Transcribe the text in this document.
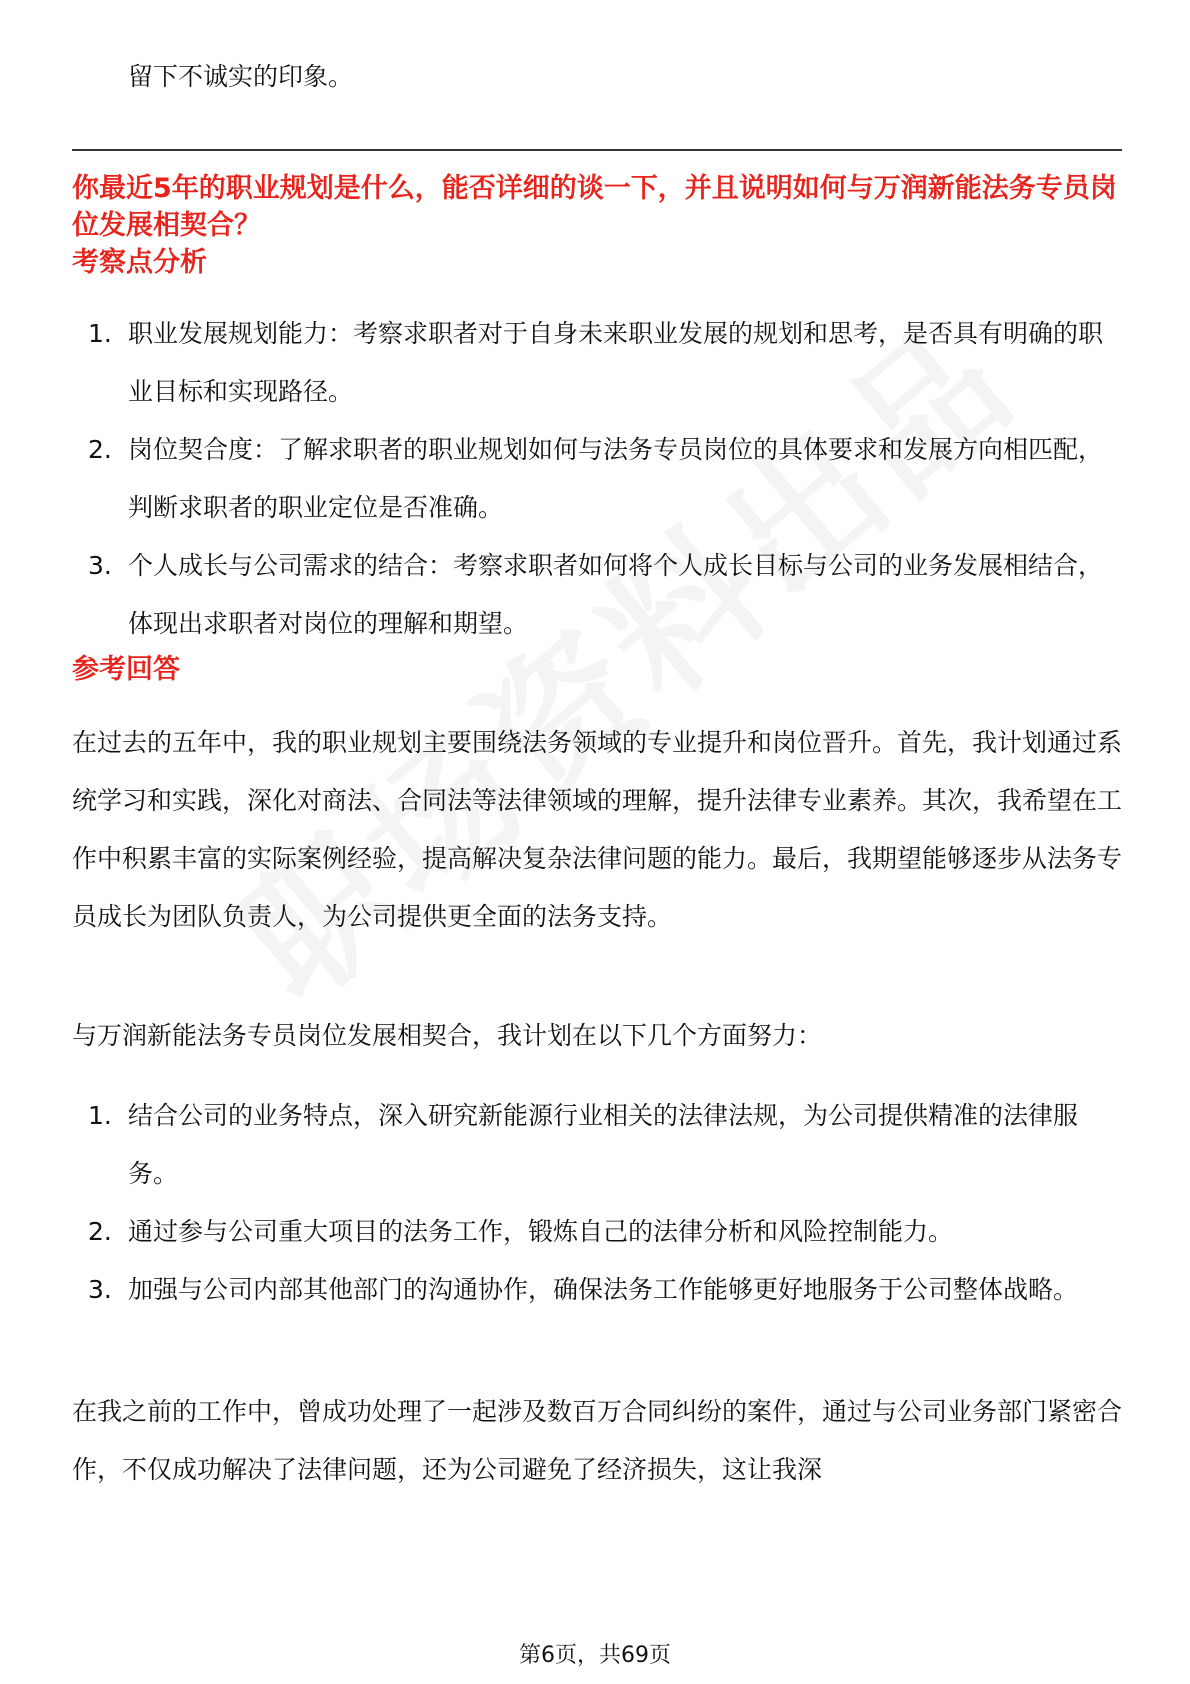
留下不诚实的印象。

你最近5年的职业规划是什么，能否详细的谈一下，并且说明如何与万润新能法务专员岗位发展相契合？

考察点分析

1. 职业发展规划能力：考察求职者对于自身未来职业发展的规划和思考，是否具有明确的职业目标和实现路径。
2. 岗位契合度：了解求职者的职业规划如何与法务专员岗位的具体要求和发展方向相匹配，判断求职者的职业定位是否准确。
3. 个人成长与公司需求的结合：考察求职者如何将个人成长目标与公司的业务发展相结合，体现出求职者对岗位的理解和期望。

参考回答

在过去的五年中，我的职业规划主要围绕法务领域的专业提升和岗位晋升。首先，我计划通过系统学习和实践，深化对商法、合同法等法律领域的理解，提升法律专业素养。其次，我希望在工作中积累丰富的实际案例经验，提高解决复杂法律问题的能力。最后，我期望能够逐步从法务专员成长为团队负责人，为公司提供更全面的法务支持。

与万润新能法务专员岗位发展相契合，我计划在以下几个方面努力：

1. 结合公司的业务特点，深入研究新能源行业相关的法律法规，为公司提供精准的法律服务。
2. 通过参与公司重大项目的法务工作，锻炼自己的法律分析和风险控制能力。
3. 加强与公司内部其他部门的沟通协作，确保法务工作能够更好地服务于公司整体战略。

在我之前的工作中，曾成功处理了一起涉及数百万合同纠纷的案件，通过与公司业务部门紧密合作，不仅成功解决了法律问题，还为公司避免了经济损失，这让我深

第6页，共69页
